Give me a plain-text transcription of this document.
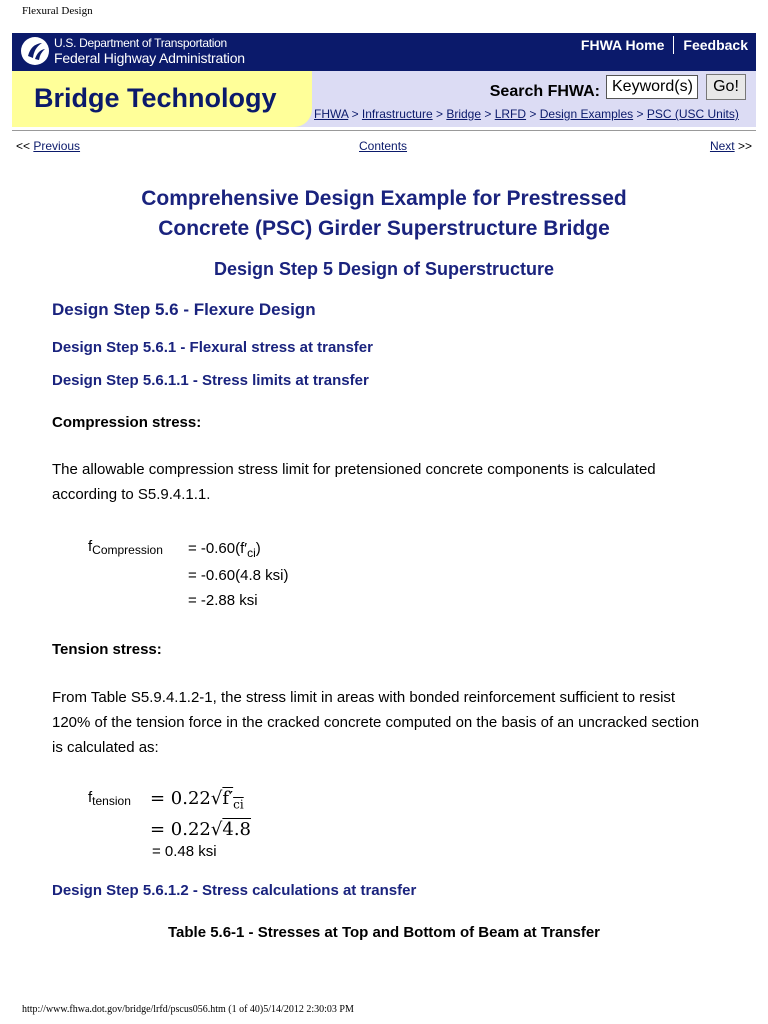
Flexural Design
U.S. Department of Transportation
Federal Highway Administration
FHWA Home Feedback
Bridge Technology	Search FHWA:
Keyword(s)	Go!
FHWA > Infrastructure > Bridge > LRFD > Design Examples > PSC (USC Units)
<< Previous	Contents	Next >>
Comprehensive Design Example for Prestressed
Concrete (PSC) Girder Superstructure Bridge
Design Step 5 Design of Superstructure
Design Step 5.6 - Flexure Design
Design Step 5.6.1 - Flexural stress at transfer
Design Step 5.6.1.1 - Stress limits at transfer
Compression stress:
The allowable compression stress limit for pretensioned concrete components is calculated according to S5.9.4.1.1.
$f_{Compression} = -0.60(f'_{ci})$
= -0.60(4.8 ksi)
= -2.88 ksi
Tension stress:
From Table S5.9.4.1.2-1, the stress limit in areas with bonded reinforcement sufficient to resist 120% of the tension force in the cracked concrete computed on the basis of an uncracked section is calculated as:
$f_{tension} = 0.22√f'_{ci}$
= 0.22√4.8
= 0.48 ksi
Design Step 5.6.1.2 - Stress calculations at transfer
Table 5.6-1 - Stresses at Top and Bottom of Beam at Transfer
http://www.fhwa.dot.gov/bridge/lrfd/pscus056.htm (1 of 40)5/14/2012 2:30:03 PM
